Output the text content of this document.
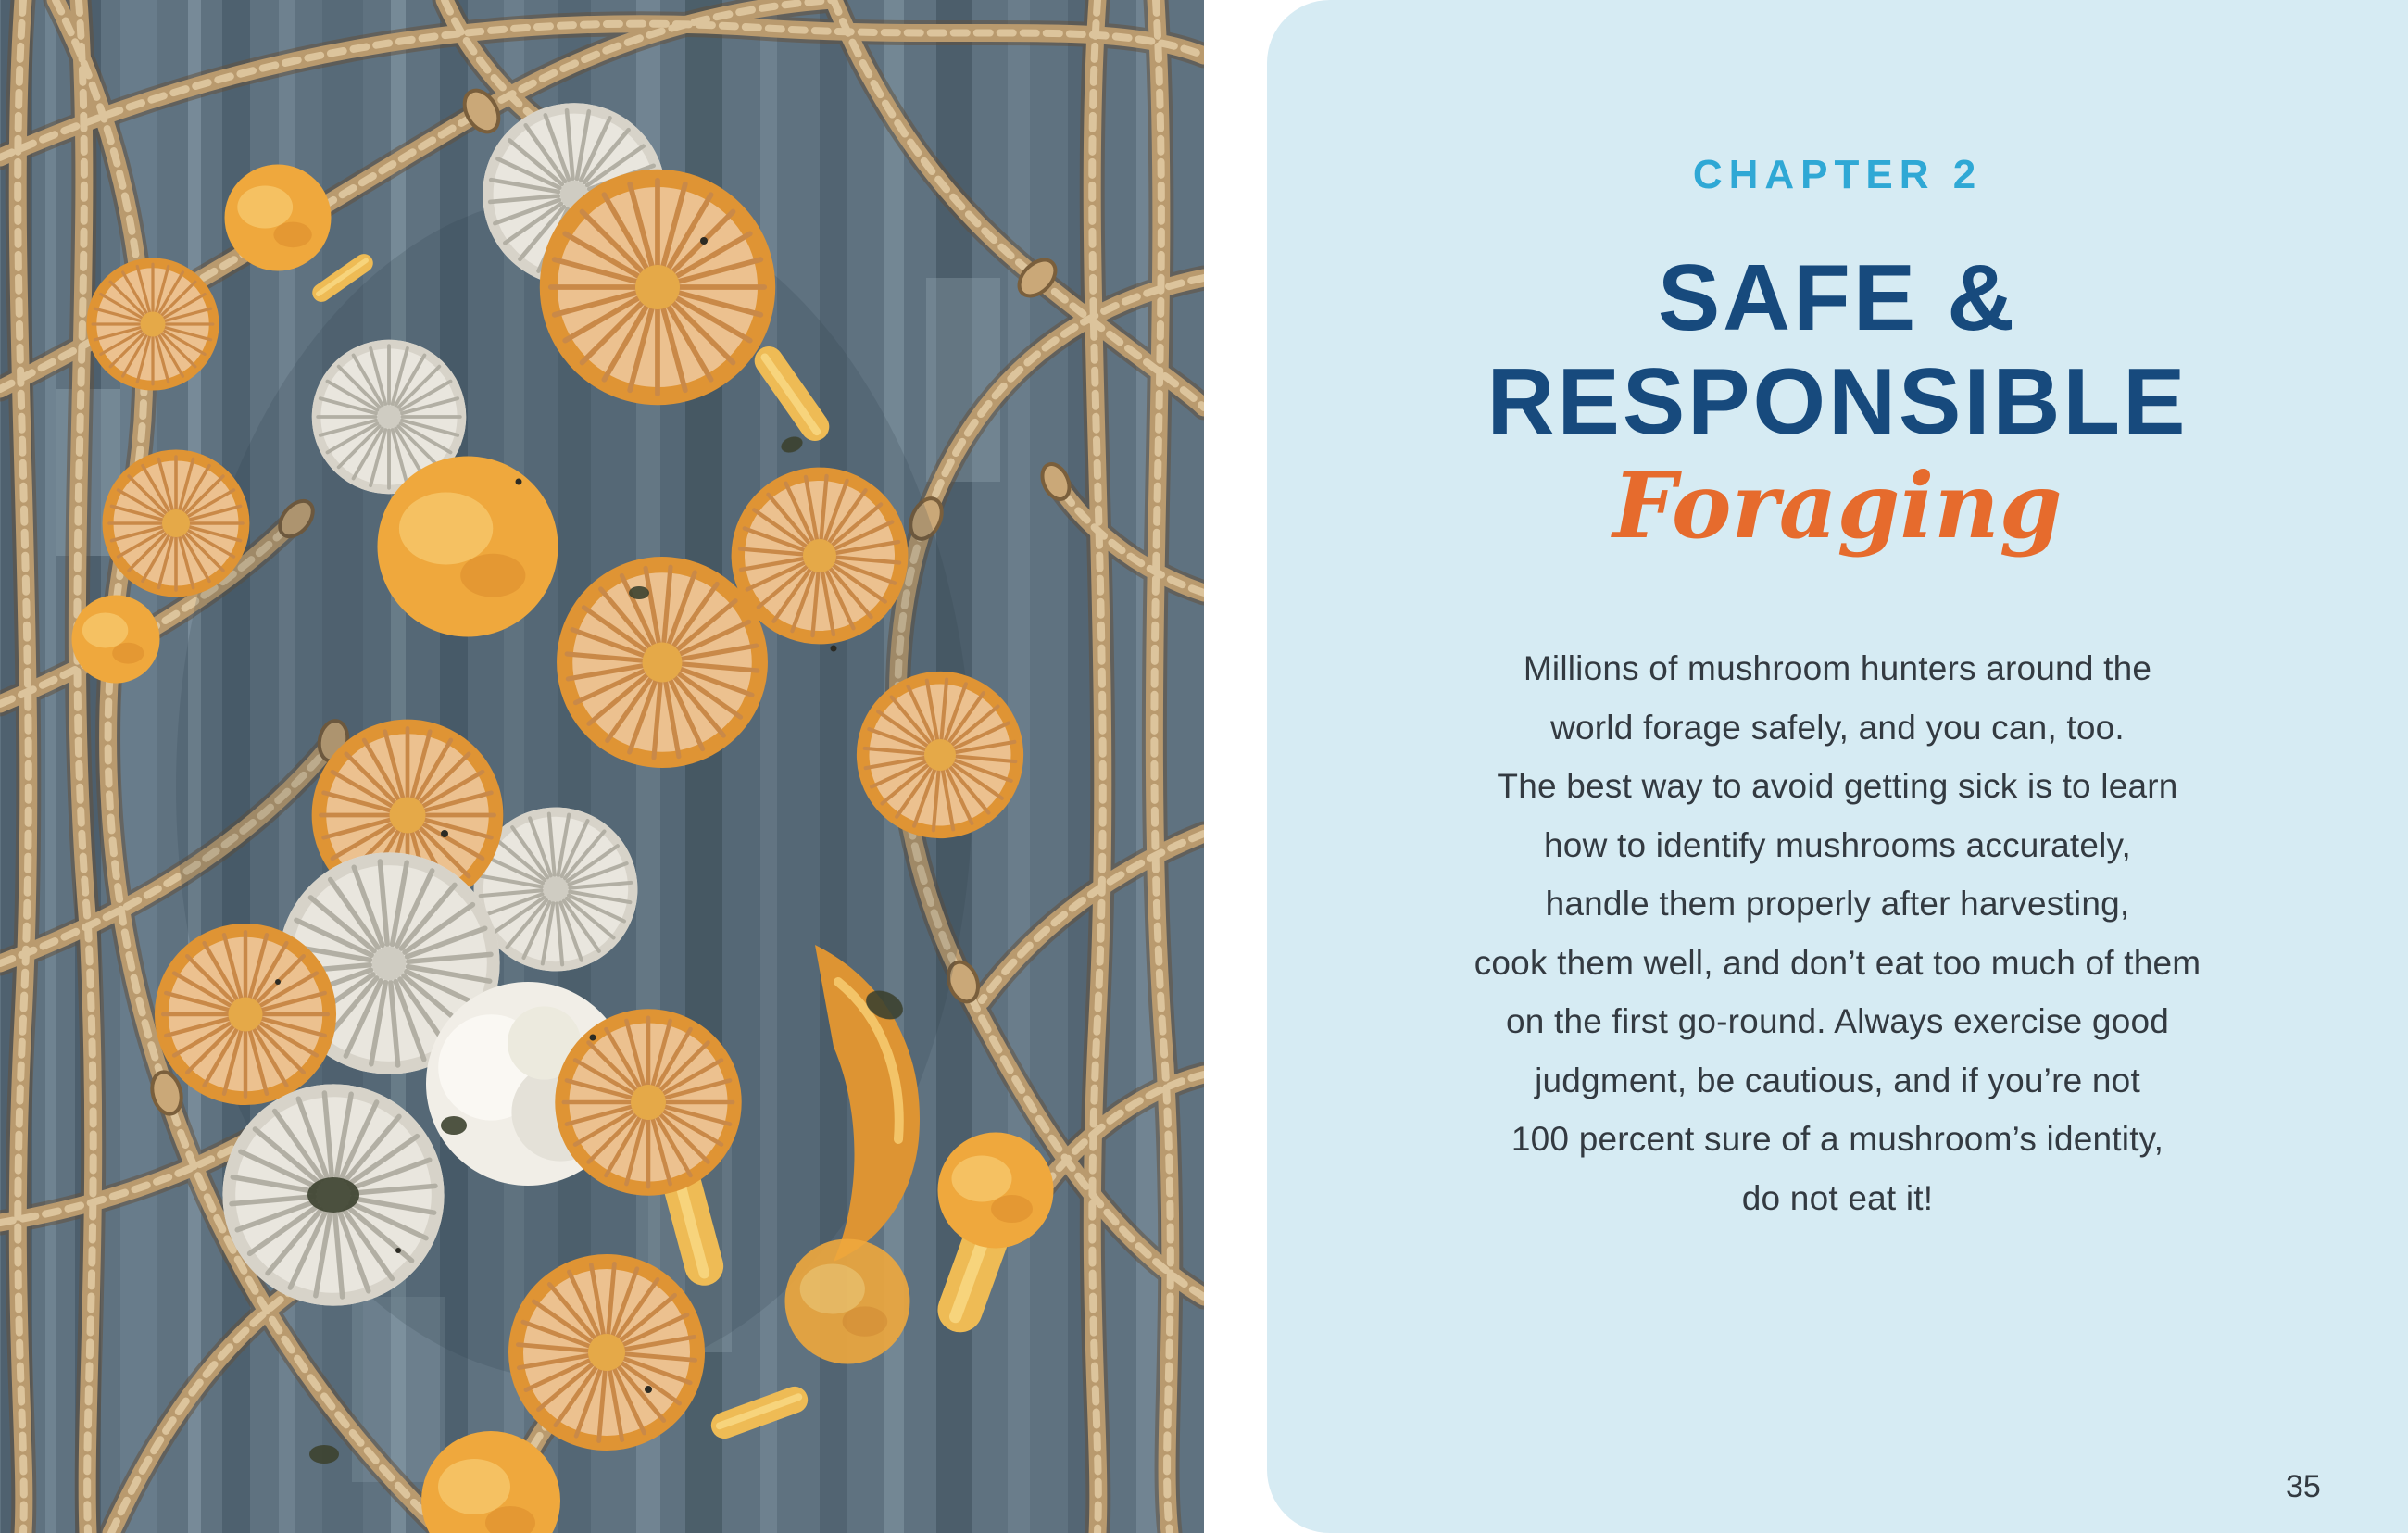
CHAPTER 2
SAFE &
RESPONSIBLE
Foraging
Millions of mushroom hunters around the
world forage safely, and you can, too.
The best way to avoid getting sick is to learn
how to identify mushrooms accurately,
handle them properly after harvesting,
cook them well, and don’t eat too much of them
on the first go-round. Always exercise good
judgment, be cautious, and if you’re not
100 percent sure of a mushroom’s identity,
do not eat it!
35
